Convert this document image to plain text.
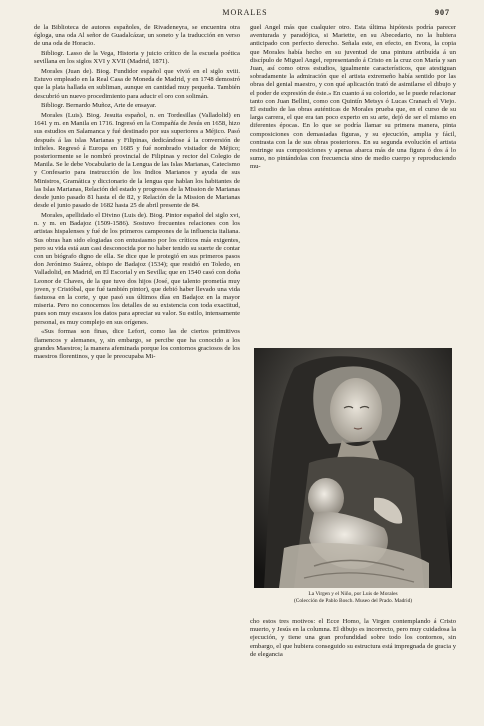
MORALES	907

de la Biblioteca de autores españoles, de Rivadeneyra, se encuentra otra égloga, una oda Al señor de Guadalcázar, un soneto y la traducción en verso de una oda de Horacio.

Bibliogr. Lasso de la Vega, Historia y juicio crítico de la escuela poética sevillana en los siglos XVI y XVII (Madrid, 1871).

Morales (Juan de). Biog. Fundidor español que vivió en el siglo xviii. Estuvo empleado en la Real Casa de Moneda de Madrid, y en 1748 demostró que la plata hallada en subliman, aunque en cantidad muy pequeña. También descubrió un nuevo procedimiento para aducir el oro con solimán.

Bibliogr. Bernardo Muñoz, Arte de ensayar.

Morales (Luis). Biog. Jesuita español, n. en Tordesillas (Valladolid) en 1641 y m. en Manila en 1716. Ingresó en la Compañía de Jesús en 1658, hizo sus estudios en Salamanca y fué destinado por sus superiores a Méjico. Pasó después á las islas Marianas y Filipinas, dedicándose á la conversión de infieles. Regresó á Europa en 1685 y fué nombrado visitador de Méjico; posteriormente se le nombró provincial de Filipinas y rector del Colegio de Manila. Se le debe Vocabulario de la Lengua de las Islas Marianas, Catecismo y Confesario para instrucción de los Indios Marianos y ayuda de sus Ministros, Gramática y diccionario de la lengua que hablan los habitantes de las Islas Marianas, Relación del estado y progresos de la Mission de Marianas desde junio pasado 81 hasta el de 82, y Relación de la Mission de Marianas desde el junio pasado de 1682 hasta 25 de abril presente de 84.

Morales, apellidado el Divino (Luis de). Biog. Pintor español del siglo xvi, n. y m. en Badajoz (1509-1586). Sostuvo frecuentes relaciones con los artistas hispalenses y fué de los primeros campeones de la influencia italiana. Sus obras han sido elogiadas con entusiasmo por los críticos más exigentes, pero su vida está aun casi desconocida por no haber tenido su suerte de contar con un biógrafo digno de ella. Se dice que le protegió en sus primeros pasos don Jerónimo Suárez, obispo de Badajoz (1534); que residió en Toledo, en Valladolid, en Madrid, en El Escorial y en Sevilla; que en 1540 casó con doña Leonor de Chaves, de la que tuvo dos hijos (José, que talento prometía muy joven, y Cristóbal, que fué también pintor), que debió haber llevado una vida fastuosa en la corte, y que pasó sus últimos días en Badajoz en la mayor miseria. Pero no conocemos los detalles de su existencia con toda exactitud, pues son muy escasos los datos para apreciar su valor. Su estilo, intensamente personal, es muy complejo en sus orígenes.

«Sus formas son finas, dice Lefort, como las de ciertos primitivos flamencos y alemanes, y, sin embargo, se percibe que ha conocido a los grandes Maestros; la manera afeminada porque los contornos graciosos de los maestros florentinos, y que le preocupaba Mi-

guel Angel más que cualquier otro. Esta última hipótesis podría parecer aventurada y paradójica, si Mariette, en su Abecedario, no la hubiera anticipado con perfecto derecho. Señala este, en efecto, en Evora, la copia que Morales había hecho en su juventud de una pintura atribuída á un discípulo de Miguel Angel, representando á Cristo en la cruz con María y san Juan, así como otros estudios, igualmente característicos, que atestiguan sobradamente la admiración que el artista extremeño había sentido por las obras del genial maestro, y con qué aplicación trató de asimilarse el dibujo y el poder de expresión de éste.» En cuanto á su colorido, se le puede relacionar tanto con Juan Bellini, como con Quintín Metsys ó Lucas Cranach el Viejo. El estudio de las obras auténticas de Morales prueba que, en el curso de su larga carrera, el que era tan poco experto en su arte, dejó de ser el mismo en diferentes épocas. En lo que se podría llamar su primera manera, pinta composiciones con demasiadas figuras, y su ejecución, amplia y fácil, contrasta con la de sus obras posteriores. En su segunda evolución el artista restringe sus composiciones y apenas abarca más de una figura ó dos á lo sumo, no pintándolas con frecuencia sino de medio cuerpo y reproduciendo mu-

La Virgen y el Niño, por Luis de Morales
(Colección de Pablo Bosch. Museo del Prado. Madrid)

cho estos tres motivos: el Ecce Homo, la Virgen contemplando á Cristo muerto, y Jesús en la columna. El dibujo es incorrecto, pero muy cuidadosa la ejecución, y tiene una gran profundidad sobre todo los contornos, sin embargo, el que hubiera conseguido su estructura está impregnada de gracia y de elegancia
